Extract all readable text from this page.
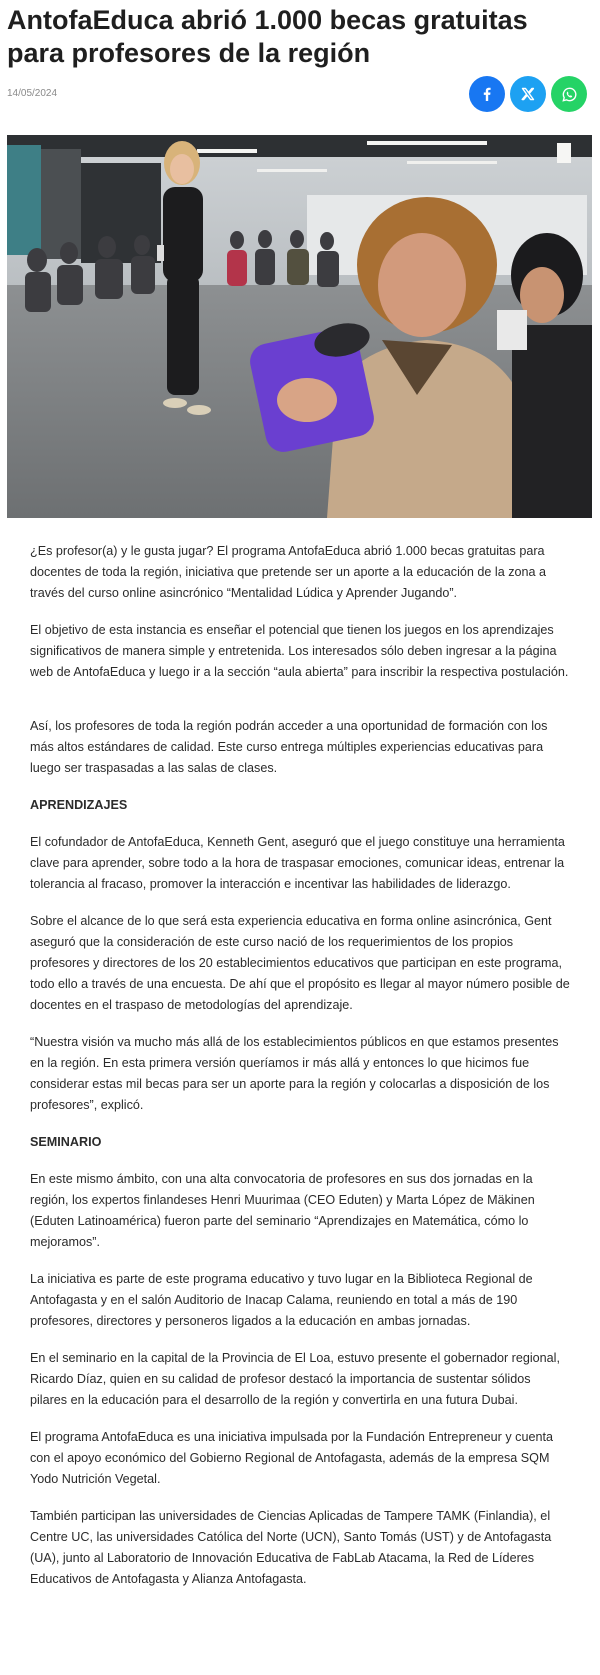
AntofaEduca abrió 1.000 becas gratuitas para profesores de la región
14/05/2024

¿Es profesor(a) y le gusta jugar? El programa AntofaEduca abrió 1.000 becas gratuitas para docentes de toda la región, iniciativa que pretende ser un aporte a la educación de la zona a través del curso online asincrónico “Mentalidad Lúdica y Aprender Jugando”.

El objetivo de esta instancia es enseñar el potencial que tienen los juegos en los aprendizajes significativos de manera simple y entretenida. Los interesados sólo deben ingresar a la página web de AntofaEduca y luego ir a la sección “aula abierta” para inscribir la respectiva postulación.

Así, los profesores de toda la región podrán acceder a una oportunidad de formación con los más altos estándares de calidad. Este curso entrega múltiples experiencias educativas para luego ser traspasadas a las salas de clases.

APRENDIZAJES

El cofundador de AntofaEduca, Kenneth Gent, aseguró que el juego constituye una herramienta clave para aprender, sobre todo a la hora de traspasar emociones, comunicar ideas, entrenar la tolerancia al fracaso, promover la interacción e incentivar las habilidades de liderazgo.

Sobre el alcance de lo que será esta experiencia educativa en forma online asincrónica, Gent aseguró que la consideración de este curso nació de los requerimientos de los propios profesores y directores de los 20 establecimientos educativos que participan en este programa, todo ello a través de una encuesta. De ahí que el propósito es llegar al mayor número posible de docentes en el traspaso de metodologías del aprendizaje.

“Nuestra visión va mucho más allá de los establecimientos públicos en que estamos presentes en la región. En esta primera versión queríamos ir más allá y entonces lo que hicimos fue considerar estas mil becas para ser un aporte para la región y colocarlas a disposición de los profesores”, explicó.

SEMINARIO

En este mismo ámbito, con una alta convocatoria de profesores en sus dos jornadas en la región, los expertos finlandeses Henri Muurimaa (CEO Eduten) y Marta López de Mäkinen (Eduten Latinoamérica) fueron parte del seminario “Aprendizajes en Matemática, cómo lo mejoramos”.

La iniciativa es parte de este programa educativo y tuvo lugar en la Biblioteca Regional de Antofagasta y en el salón Auditorio de Inacap Calama, reuniendo en total a más de 190 profesores, directores y personeros ligados a la educación en ambas jornadas.

En el seminario en la capital de la Provincia de El Loa, estuvo presente el gobernador regional, Ricardo Díaz, quien en su calidad de profesor destacó la importancia de sustentar sólidos pilares en la educación para el desarrollo de la región y convertirla en una futura Dubai.

El programa AntofaEduca es una iniciativa impulsada por la Fundación Entrepreneur y cuenta con el apoyo económico del Gobierno Regional de Antofagasta, además de la empresa SQM Yodo Nutrición Vegetal.

También participan las universidades de Ciencias Aplicadas de Tampere TAMK (Finlandia), el Centre UC, las universidades Católica del Norte (UCN), Santo Tomás (UST) y de Antofagasta (UA), junto al Laboratorio de Innovación Educativa de FabLab Atacama, la Red de Líderes Educativos de Antofagasta y Alianza Antofagasta.
